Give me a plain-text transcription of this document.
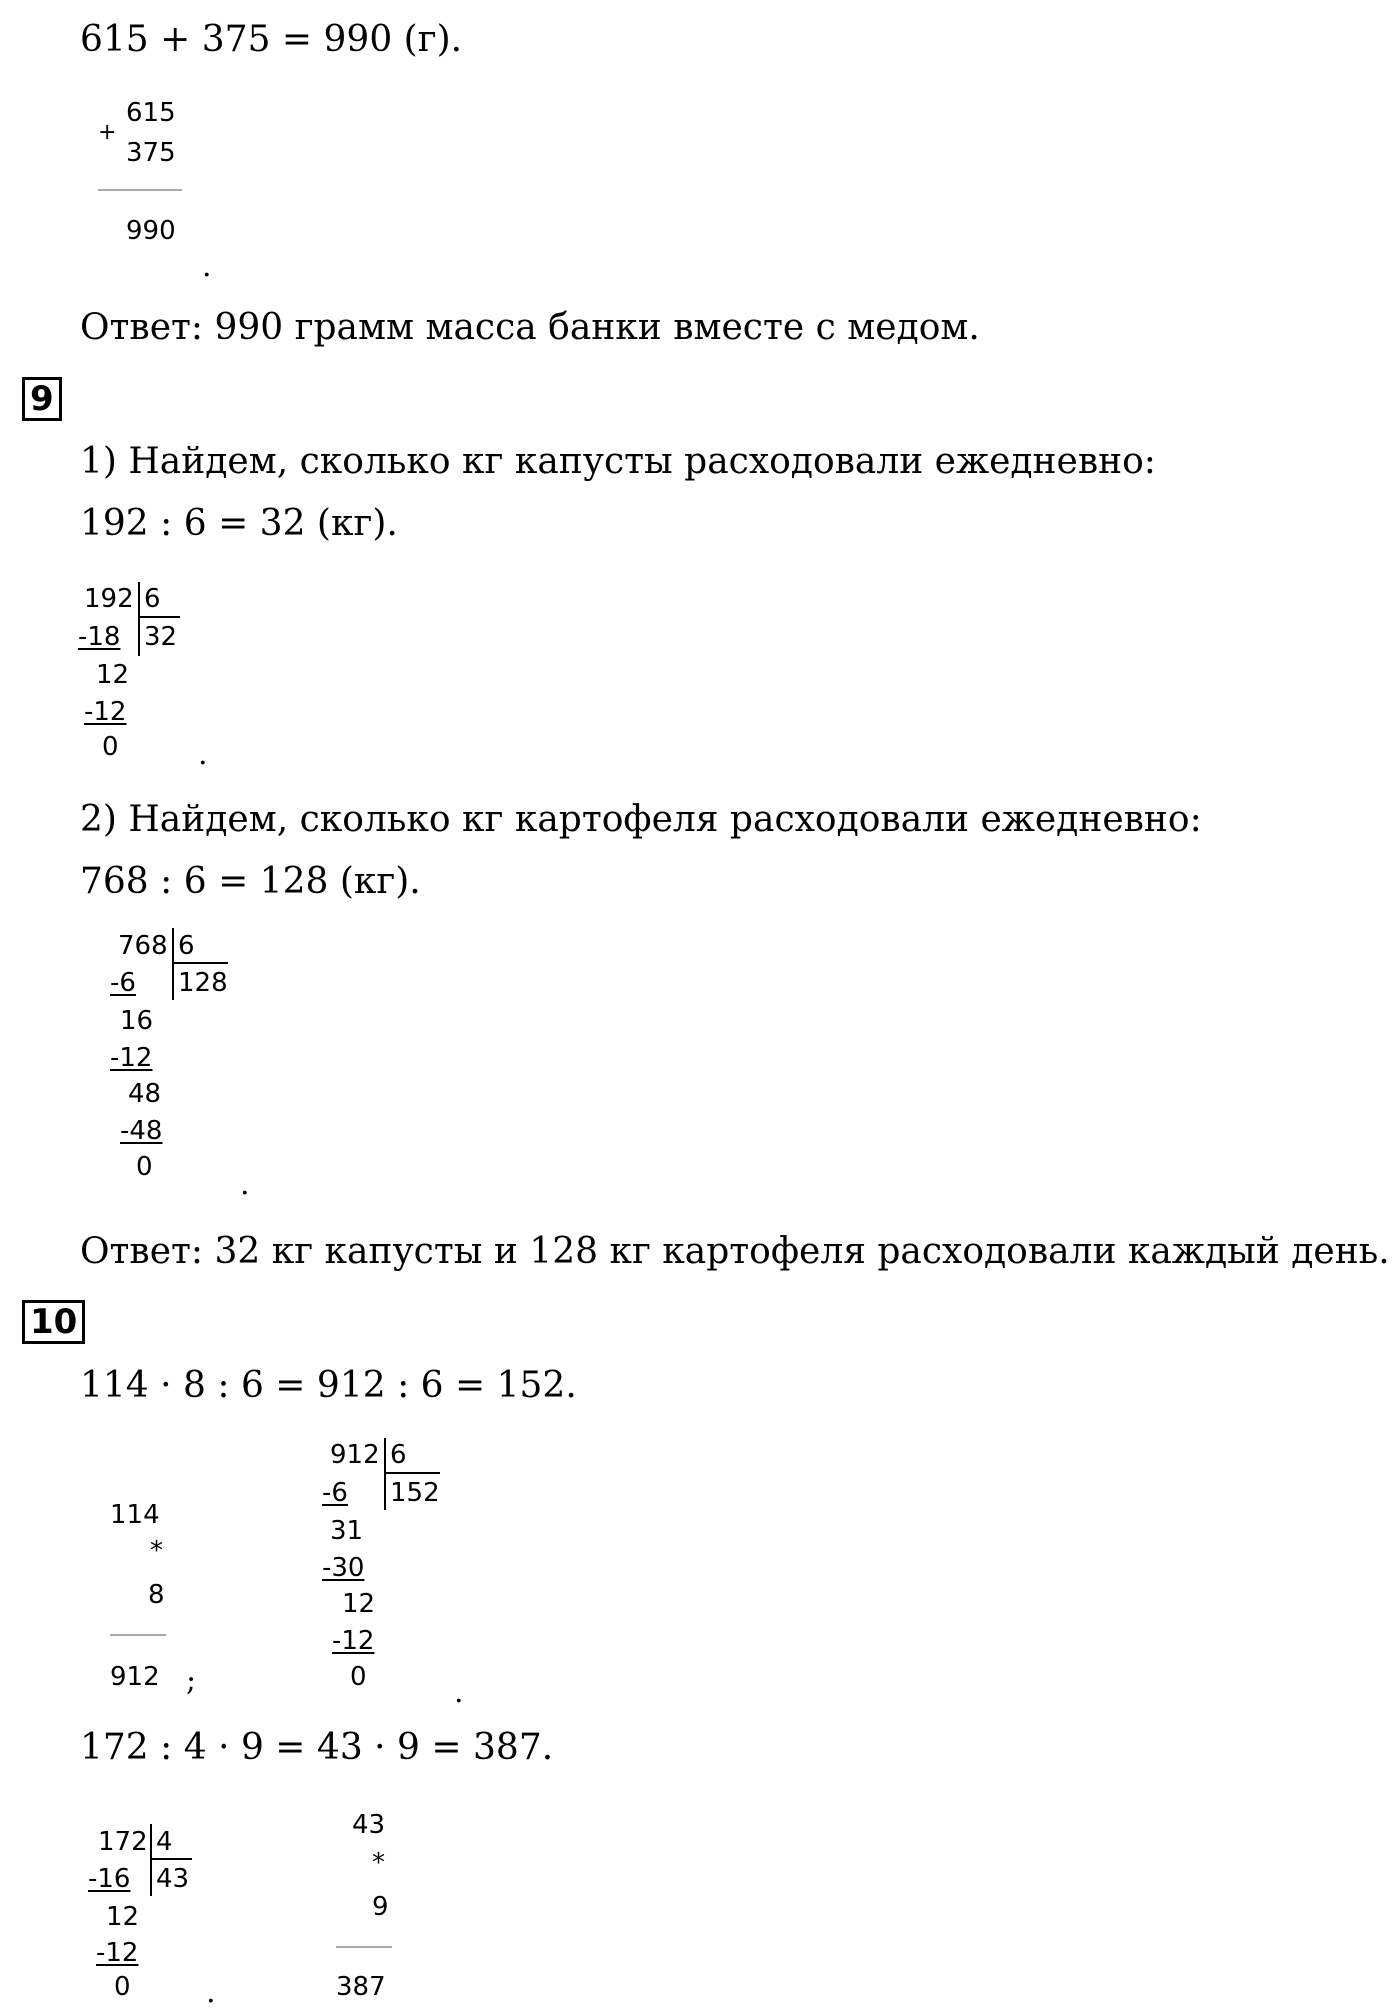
615 + 375 = 990 (г).
615
+
375
990
.
Ответ: 990 грамм масса банки вместе с медом.
9
1) Найдем, сколько кг капусты расходовали ежедневно:
192 : 6 = 32 (кг).
192 6
32
-18
12
-12
0	.
2) Найдем, сколько кг картофеля расходовали ежедневно:
768 : 6 = 128 (кг).
768 6
128
-6
16
-12
48
-48
0	.
Ответ: 32 кг капусты и 128 кг картофеля расходовали каждый день.
10
114 · 8 : 6 = 912 : 6 = 152.
114
*
8
912 ;
912 6
152
-6
31
-30
12
-12
0	.
172 : 4 · 9 = 43 · 9 = 387.
172 4
43
-16
12
-12
0	.
43
*
9
387
